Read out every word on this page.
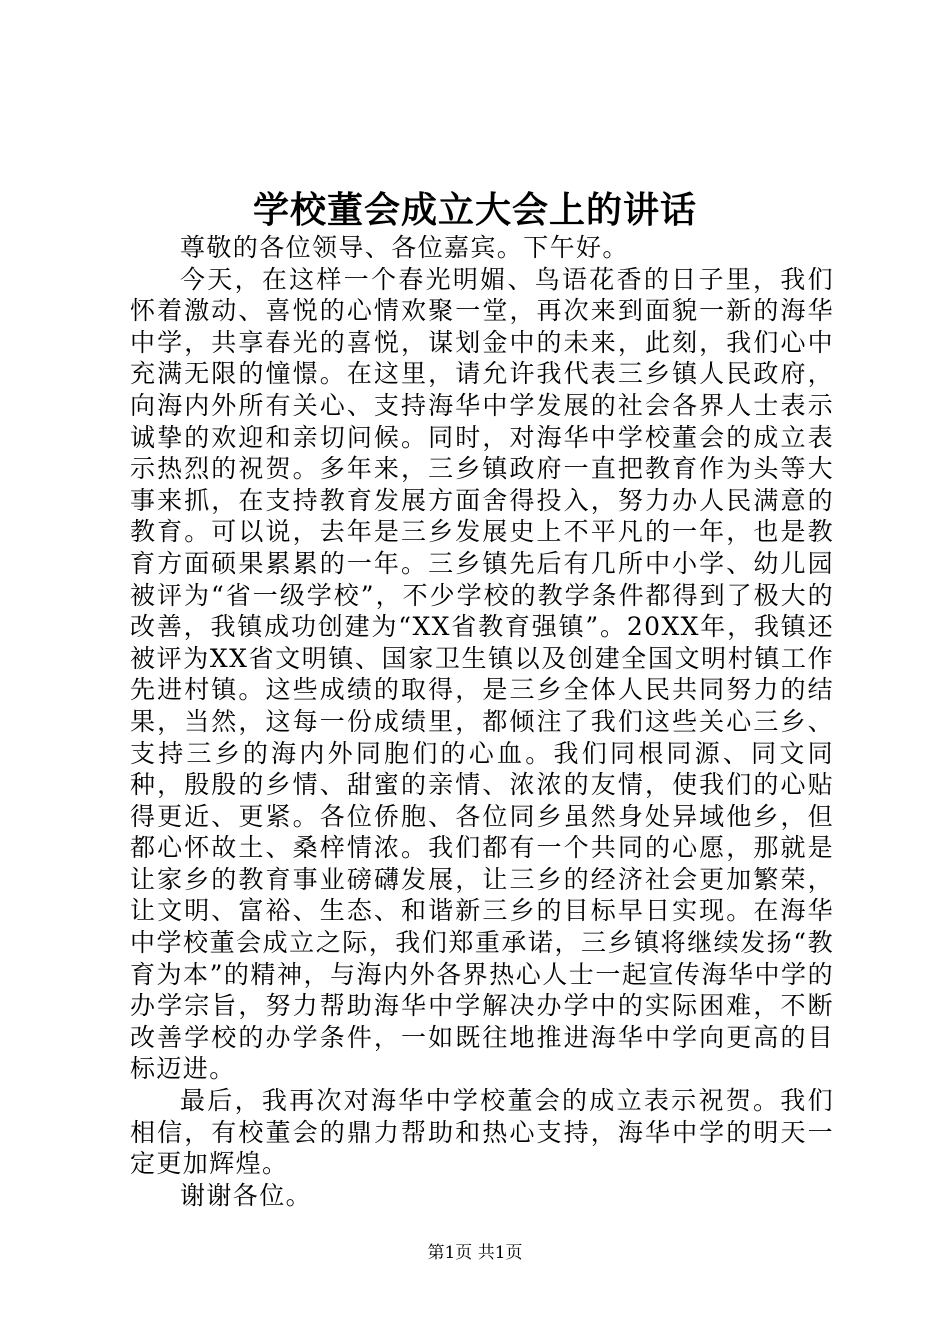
学校董会成立大会上的讲话

尊敬的各位领导、各位嘉宾。下午好。

今天，在这样一个春光明媚、鸟语花香的日子里，我们怀着激动、喜悦的心情欢聚一堂，再次来到面貌一新的海华中学，共享春光的喜悦，谋划金中的未来，此刻，我们心中充满无限的憧憬。在这里，请允许我代表三乡镇人民政府，向海内外所有关心、支持海华中学发展的社会各界人士表示诚挚的欢迎和亲切问候。同时，对海华中学校董会的成立表示热烈的祝贺。多年来，三乡镇政府一直把教育作为头等大事来抓，在支持教育发展方面舍得投入，努力办人民满意的教育。可以说，去年是三乡发展史上不平凡的一年，也是教育方面硕果累累的一年。三乡镇先后有几所中小学、幼儿园被评为“省一级学校”，不少学校的教学条件都得到了极大的改善，我镇成功创建为“XX省教育强镇”。20XX年，我镇还被评为XX省文明镇、国家卫生镇以及创建全国文明村镇工作先进村镇。这些成绩的取得，是三乡全体人民共同努力的结果，当然，这每一份成绩里，都倾注了我们这些关心三乡、支持三乡的海内外同胞们的心血。我们同根同源、同文同种，殷殷的乡情、甜蜜的亲情、浓浓的友情，使我们的心贴得更近、更紧。各位侨胞、各位同乡虽然身处异域他乡，但都心怀故土、桑梓情浓。我们都有一个共同的心愿，那就是让家乡的教育事业磅礴发展，让三乡的经济社会更加繁荣，让文明、富裕、生态、和谐新三乡的目标早日实现。在海华中学校董会成立之际，我们郑重承诺，三乡镇将继续发扬“教育为本”的精神，与海内外各界热心人士一起宣传海华中学的办学宗旨，努力帮助海华中学解决办学中的实际困难，不断改善学校的办学条件，一如既往地推进海华中学向更高的目标迈进。

最后，我再次对海华中学校董会的成立表示祝贺。我们相信，有校董会的鼎力帮助和热心支持，海华中学的明天一定更加辉煌。

谢谢各位。

第1页 共1页
